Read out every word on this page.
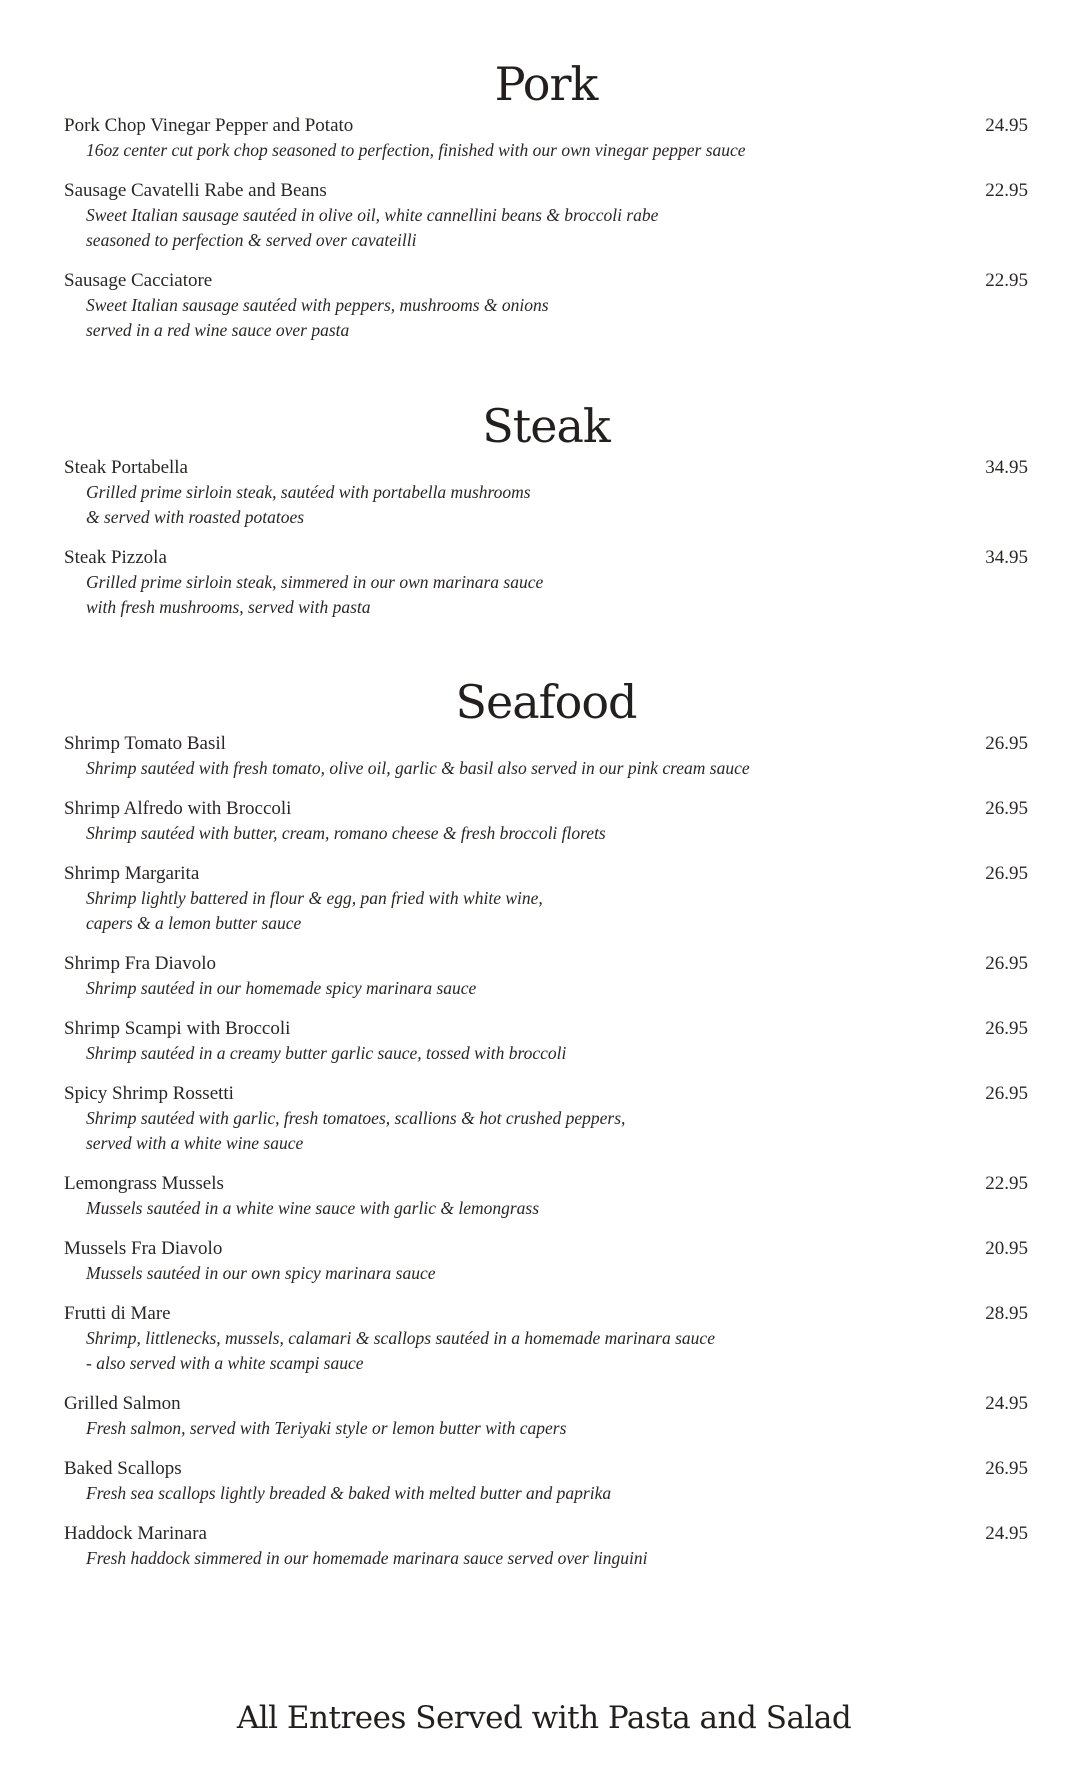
Pork
Pork Chop Vinegar Pepper and Potato	24.95
16oz center cut pork chop seasoned to perfection, finished with our own vinegar pepper sauce
Sausage Cavatelli Rabe and Beans	22.95
Sweet Italian sausage sautéed in olive oil, white cannellini beans & broccoli rabe
seasoned to perfection & served over cavateilli
Sausage Cacciatore	22.95
Sweet Italian sausage sautéed with peppers, mushrooms & onions
served in a red wine sauce over pasta
Steak
Steak Portabella	34.95
Grilled prime sirloin steak, sautéed with portabella mushrooms
& served with roasted potatoes
Steak Pizzola	34.95
Grilled prime sirloin steak, simmered in our own marinara sauce
with fresh mushrooms, served with pasta
Seafood
Shrimp Tomato Basil	26.95
Shrimp sautéed with fresh tomato, olive oil, garlic & basil also served in our pink cream sauce
Shrimp Alfredo with Broccoli	26.95
Shrimp sautéed with butter, cream, romano cheese & fresh broccoli florets
Shrimp Margarita	26.95
Shrimp lightly battered in flour & egg, pan fried with white wine,
capers & a lemon butter sauce
Shrimp Fra Diavolo	26.95
Shrimp sautéed in our homemade spicy marinara sauce
Shrimp Scampi with Broccoli	26.95
Shrimp sautéed in a creamy butter garlic sauce, tossed with broccoli
Spicy Shrimp Rossetti	26.95
Shrimp sautéed with garlic, fresh tomatoes, scallions & hot crushed peppers,
served with a white wine sauce
Lemongrass Mussels	22.95
Mussels sautéed in a white wine sauce with garlic & lemongrass
Mussels Fra Diavolo	20.95
Mussels sautéed in our own spicy marinara sauce
Frutti di Mare	28.95
Shrimp, littlenecks, mussels, calamari & scallops sautéed in a homemade marinara sauce
- also served with a white scampi sauce
Grilled Salmon	24.95
Fresh salmon, served with Teriyaki style or lemon butter with capers
Baked Scallops	26.95
Fresh sea scallops lightly breaded & baked with melted butter and paprika
Haddock Marinara	24.95
Fresh haddock simmered in our homemade marinara sauce served over linguini
All Entrees Served with Pasta and Salad
